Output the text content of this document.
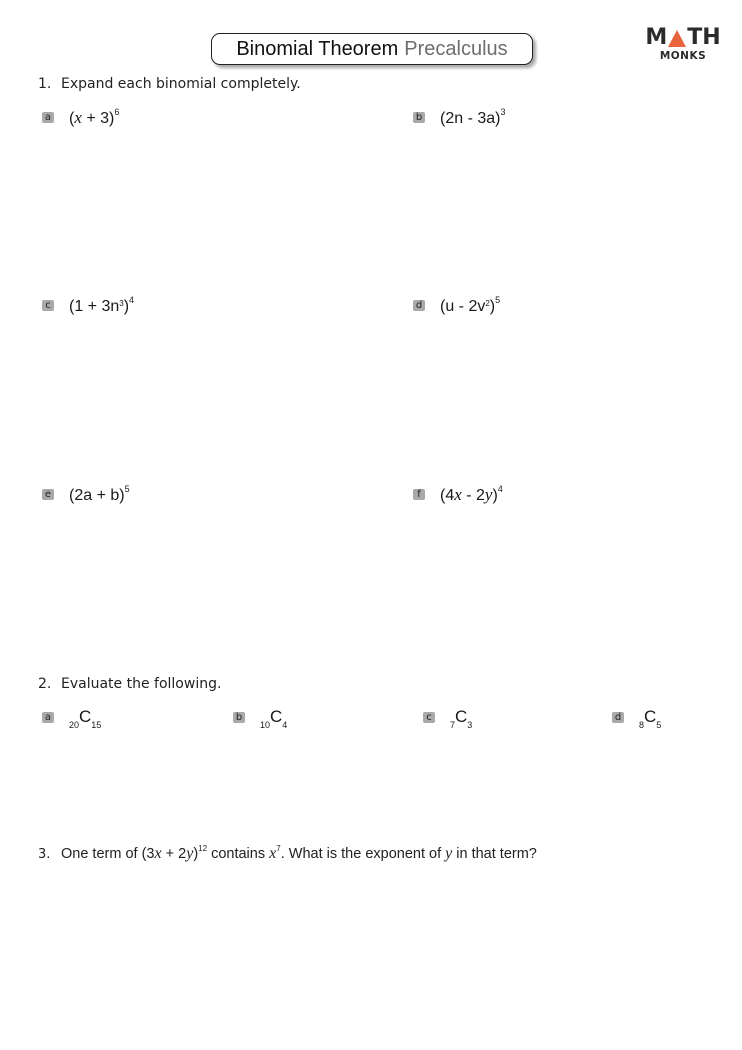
Binomial Theorem Precalculus	M TH
MONKS
1. Expand each binomial completely.
a $(x + 3)^6$	b (2n - 3a)$^3$
c $(1 + 3n^3)^4$	d $(u - 2v^2)^5$
e $(2a + b)^5$	f (4x - 2y)$^4$
2. Evaluate the following.
a
20 C 15
b
10 C 4
c
7 C 3
d
8 C 5
3. One term of $(3x + 2y)^{12}$ contains $x^7$. What is the exponent of y in that term?
